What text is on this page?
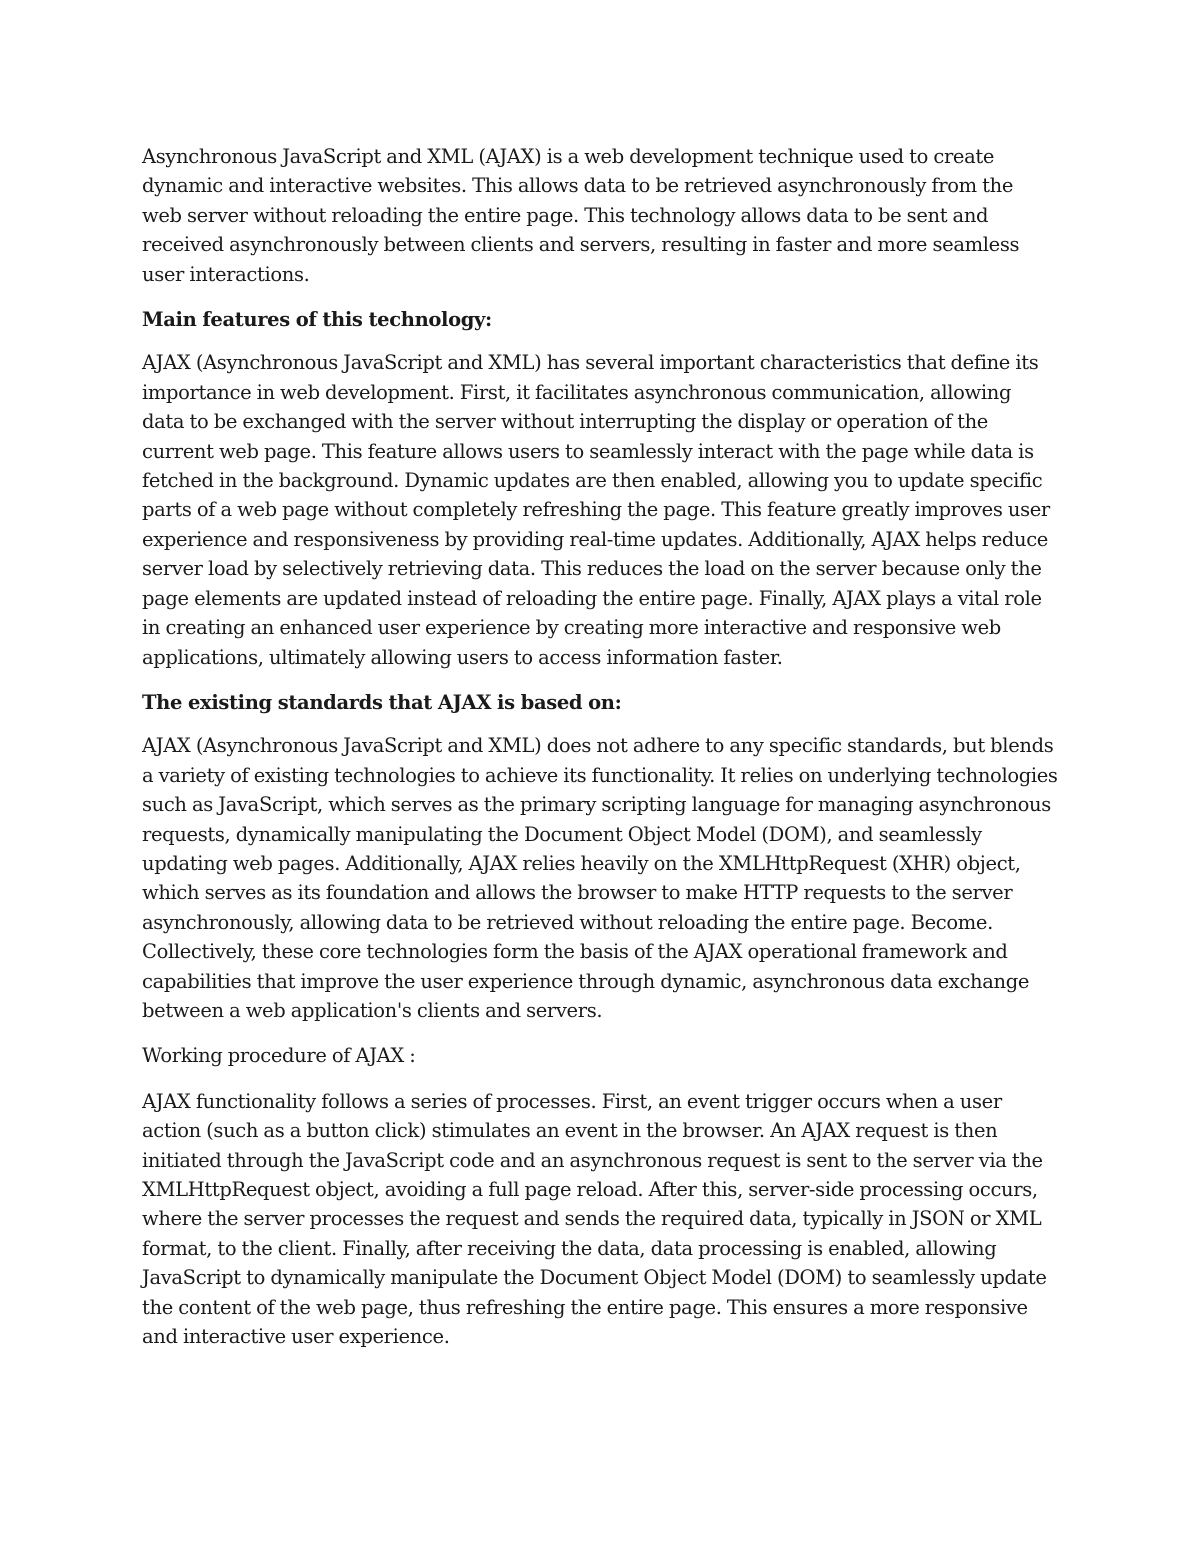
Asynchronous JavaScript and XML (AJAX) is a web development technique used to create dynamic and interactive websites. This allows data to be retrieved asynchronously from the web server without reloading the entire page. This technology allows data to be sent and received asynchronously between clients and servers, resulting in faster and more seamless user interactions.

Main features of this technology:

AJAX (Asynchronous JavaScript and XML) has several important characteristics that define its importance in web development. First, it facilitates asynchronous communication, allowing data to be exchanged with the server without interrupting the display or operation of the current web page. This feature allows users to seamlessly interact with the page while data is fetched in the background. Dynamic updates are then enabled, allowing you to update specific parts of a web page without completely refreshing the page. This feature greatly improves user experience and responsiveness by providing real-time updates. Additionally, AJAX helps reduce server load by selectively retrieving data. This reduces the load on the server because only the page elements are updated instead of reloading the entire page. Finally, AJAX plays a vital role in creating an enhanced user experience by creating more interactive and responsive web applications, ultimately allowing users to access information faster.

The existing standards that AJAX is based on:

AJAX (Asynchronous JavaScript and XML) does not adhere to any specific standards, but blends a variety of existing technologies to achieve its functionality. It relies on underlying technologies such as JavaScript, which serves as the primary scripting language for managing asynchronous requests, dynamically manipulating the Document Object Model (DOM), and seamlessly updating web pages. Additionally, AJAX relies heavily on the XMLHttpRequest (XHR) object, which serves as its foundation and allows the browser to make HTTP requests to the server asynchronously, allowing data to be retrieved without reloading the entire page. Become. Collectively, these core technologies form the basis of the AJAX operational framework and capabilities that improve the user experience through dynamic, asynchronous data exchange between a web application's clients and servers.

Working procedure of AJAX :

AJAX functionality follows a series of processes. First, an event trigger occurs when a user action (such as a button click) stimulates an event in the browser. An AJAX request is then initiated through the JavaScript code and an asynchronous request is sent to the server via the XMLHttpRequest object, avoiding a full page reload. After this, server-side processing occurs, where the server processes the request and sends the required data, typically in JSON or XML format, to the client. Finally, after receiving the data, data processing is enabled, allowing JavaScript to dynamically manipulate the Document Object Model (DOM) to seamlessly update the content of the web page, thus refreshing the entire page. This ensures a more responsive and interactive user experience.
